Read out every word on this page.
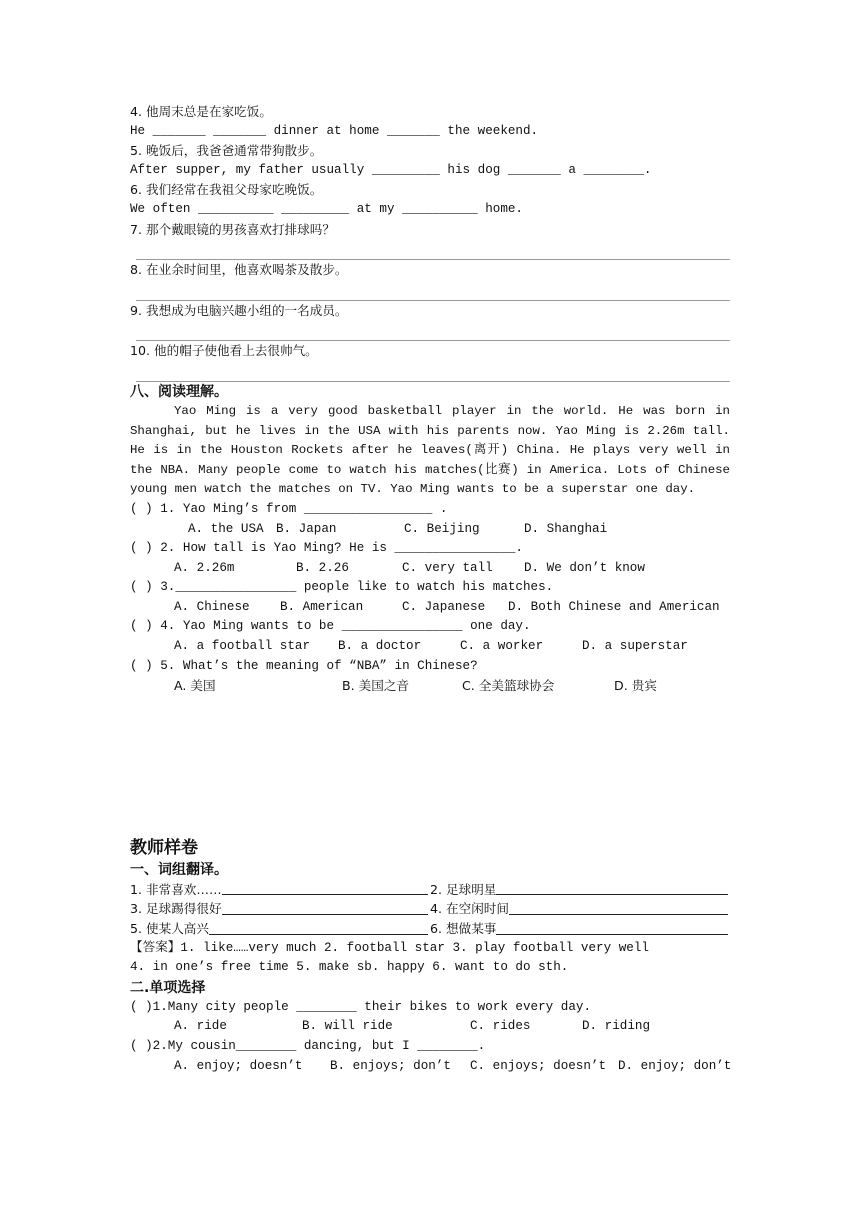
4. 他周末总是在家吃饭。
He _______ _______ dinner at home _______ the weekend.
5. 晚饭后，我爸爸通常带狗散步。
After supper, my father usually _________ his dog _______ a ________.
6. 我们经常在我祖父母家吃晚饭。
We often __________ _________ at my __________ home.
7. 那个戴眼镜的男孩喜欢打排球吗？
8. 在业余时间里，他喜欢喝茶及散步。
9. 我想成为电脑兴趣小组的一名成员。
10. 他的帽子使他看上去很帅气。
八、阅读理解。

Yao Ming is a very good basketball player in the world. He was born in Shanghai, but he lives in the USA with his parents now. Yao Ming is 2.26m tall. He is in the Houston Rockets after he leaves(离开) China. He plays very well in the NBA. Many people come to watch his matches(比赛) in America. Lots of Chinese young men watch the matches on TV. Yao Ming wants to be a superstar one day.

( ) 1. Yao Ming’s from _________________ .
A. the USA B. Japan	C. Beijing	D. Shanghai
( ) 2. How tall is Yao Ming? He is ________________.
A. 2.26m	B. 2.26	C. very tall D. We don’t know
( ) 3.________________ people like to watch his matches.
A. Chinese B. American	C. Japanese D. Both Chinese and American
( ) 4. Yao Ming wants to be ________________ one day.
A. a football star B. a doctor	C. a worker	D. a superstar
( ) 5. What’s the meaning of “NBA” in Chinese?
A. 美国	B. 美国之音	C. 全美篮球协会	D. 贵宾
教师样卷
一、词组翻译。
1. 非常喜欢……	2. 足球明星
3. 足球踢得很好	4. 在空闲时间
5. 使某人高兴	6. 想做某事
【答案】1. like……very much 2. football star 3. play football very well
4. in one’s free time 5. make sb. happy 6. want to do sth.
二.单项选择
( )1.Many city people ________ their bikes to work every day.
A. ride	B. will ride	C. rides	D. riding
( )2.My cousin________ dancing, but I ________.
A. enjoy; doesn’t B. enjoys; don’t C. enjoys; doesn’t D. enjoy; don’t
